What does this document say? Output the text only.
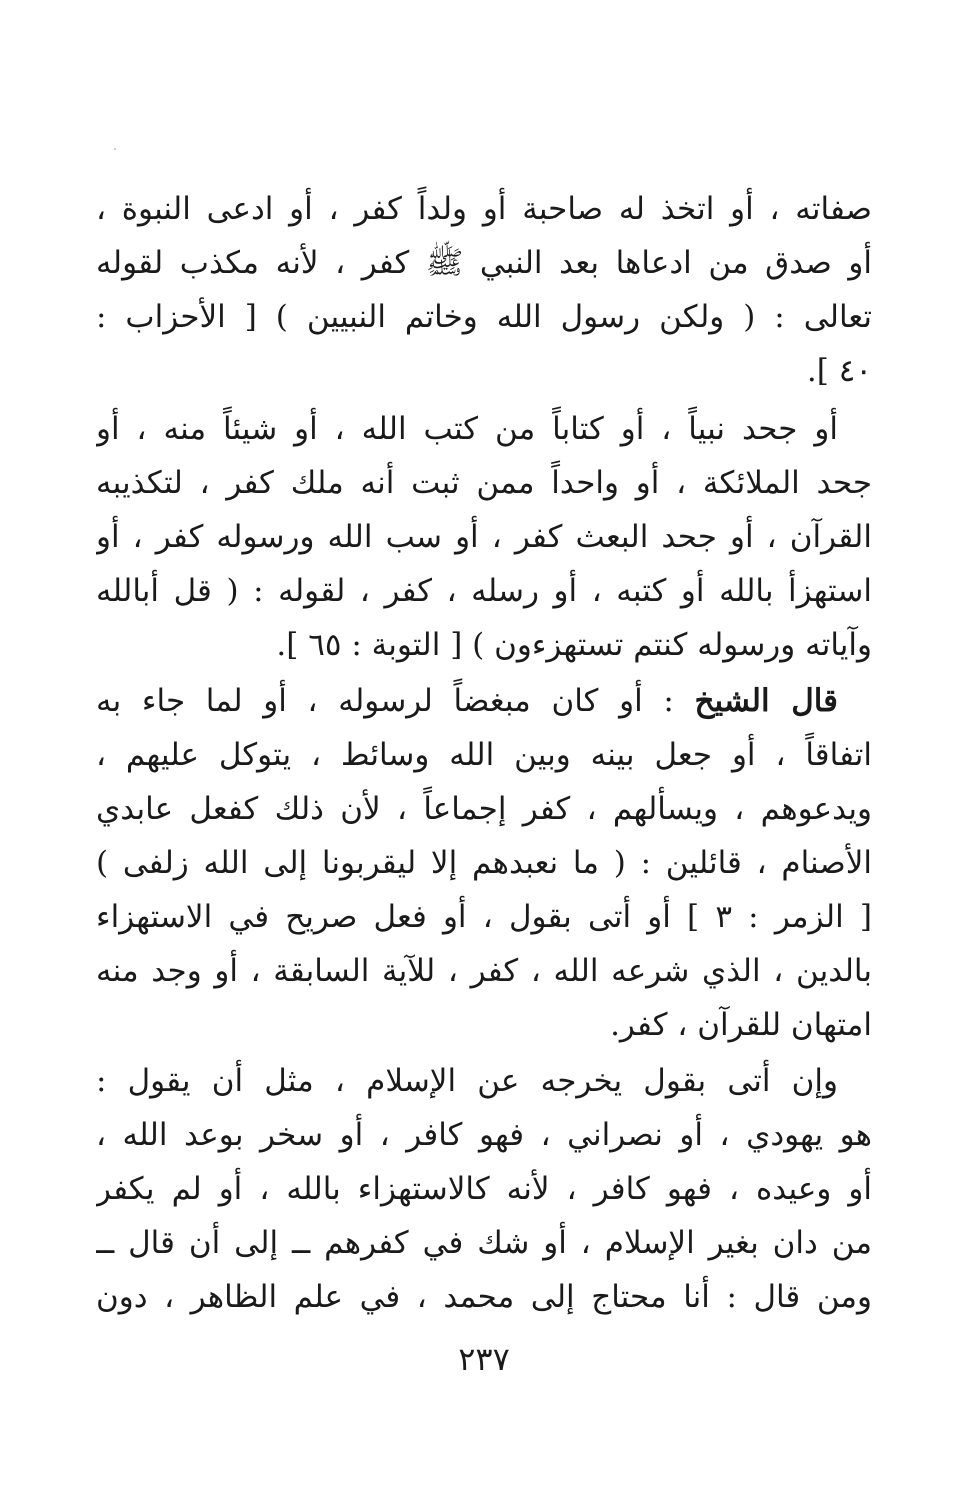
صفاته ، أو اتخذ له صاحبة أو ولداً كفر ، أو ادعى النبوة ،
أو صدق من ادعاها بعد النبي ﷺ كفر ، لأنه مكذب لقوله
تعالى : ( ولكن رسول الله وخاتم النبيين ) [ الأحزاب :
٤٠ ].
أو جحد نبياً ، أو كتاباً من كتب الله ، أو شيئاً منه ، أو
جحد الملائكة ، أو واحداً ممن ثبت أنه ملك كفر ، لتكذيبه
القرآن ، أو جحد البعث كفر ، أو سب الله ورسوله كفر ، أو
استهزأ بالله أو كتبه ، أو رسله ، كفر ، لقوله : ( قل أبالله
وآياته ورسوله كنتم تستهزءون ) [ التوبة : ٦٥ ].
قال الشيخ : أو كان مبغضاً لرسوله ، أو لما جاء به
اتفاقاً ، أو جعل بينه وبين الله وسائط ، يتوكل عليهم ،
ويدعوهم ، ويسألهم ، كفر إجماعاً ، لأن ذلك كفعل عابدي
الأصنام ، قائلين : ( ما نعبدهم إلا ليقربونا إلى الله زلفى )
[ الزمر : ٣ ] أو أتى بقول ، أو فعل صريح في الاستهزاء
بالدين ، الذي شرعه الله ، كفر ، للآية السابقة ، أو وجد منه
امتهان للقرآن ، كفر.
وإن أتى بقول يخرجه عن الإسلام ، مثل أن يقول :
هو يهودي ، أو نصراني ، فهو كافر ، أو سخر بوعد الله ،
أو وعيده ، فهو كافر ، لأنه كالاستهزاء بالله ، أو لم يكفر
من دان بغير الإسلام ، أو شك في كفرهم ــ إلى أن قال ــ
ومن قال : أنا محتاج إلى محمد ، في علم الظاهر ، دون
٢٣٧
